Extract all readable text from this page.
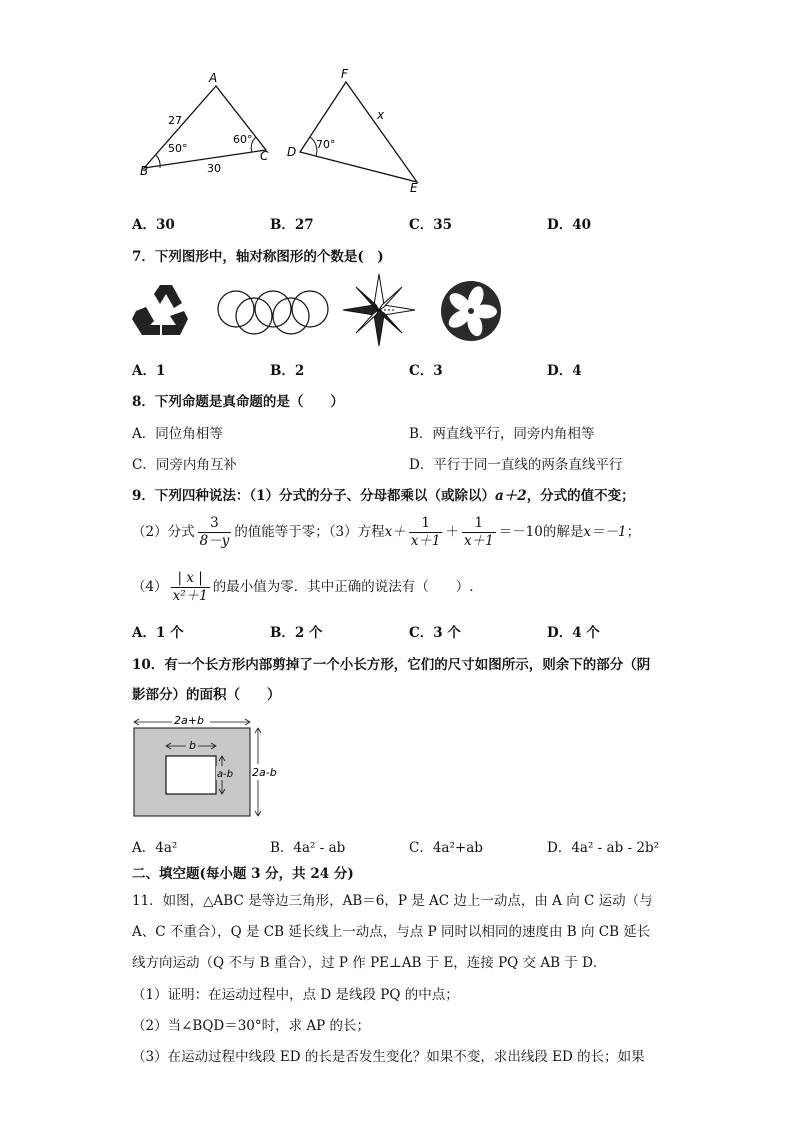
A
B
C
27
30
50°
60°
F
D
E
x
70°
A．30	B．27	C．35	D．40
7．下列图形中，轴对称图形的个数是(　)
A．1	B．2	C．3	D．4
8．下列命题是真命题的是（　　）
A．同位角相等	B．两直线平行，同旁内角相等
C．同旁内角互补	D．平行于同一直线的两条直线平行
9．下列四种说法：（1）分式的分子、分母都乘以（或除以）a＋2，分式的值不变；
（2）分式 $\frac{3}{8-y}$ 的值能等于零；（3）方程$x+ \frac{1}{x+1} + \frac{1}{x+1} =-10$的解是x＝－1；
$(4) \frac{| x |}{\text{x²＋1}}$ 的最小值为零．其中正确的说法有（　　）.
A．1 个	B．2 个	C．3 个	D．4 个
10．有一个长方形内部剪掉了一个小长方形，它们的尺寸如图所示，则余下的部分（阴
影部分）的面积（　　）
2a+b
b
a-b 2a-b
A．4a²	B．4a² - ab	C．4a²+ab	D．4a² - ab - 2b²
二、填空题(每小题 3 分，共 24 分)
11．如图，△ABC 是等边三角形，AB＝6，P 是 AC 边上一动点，由 A 向 C 运动（与
A、C 不重合），Q 是 CB 延长线上一动点，与点 P 同时以相同的速度由 B 向 CB 延长
线方向运动（Q 不与 B 重合），过 P 作 PE⊥AB 于 E，连接 PQ 交 AB 于 D．
（1）证明：在运动过程中，点 D 是线段 PQ 的中点；
（2）当∠BQD＝30°时，求 AP 的长；
（3）在运动过程中线段 ED 的长是否发生变化？如果不变，求出线段 ED 的长；如果
